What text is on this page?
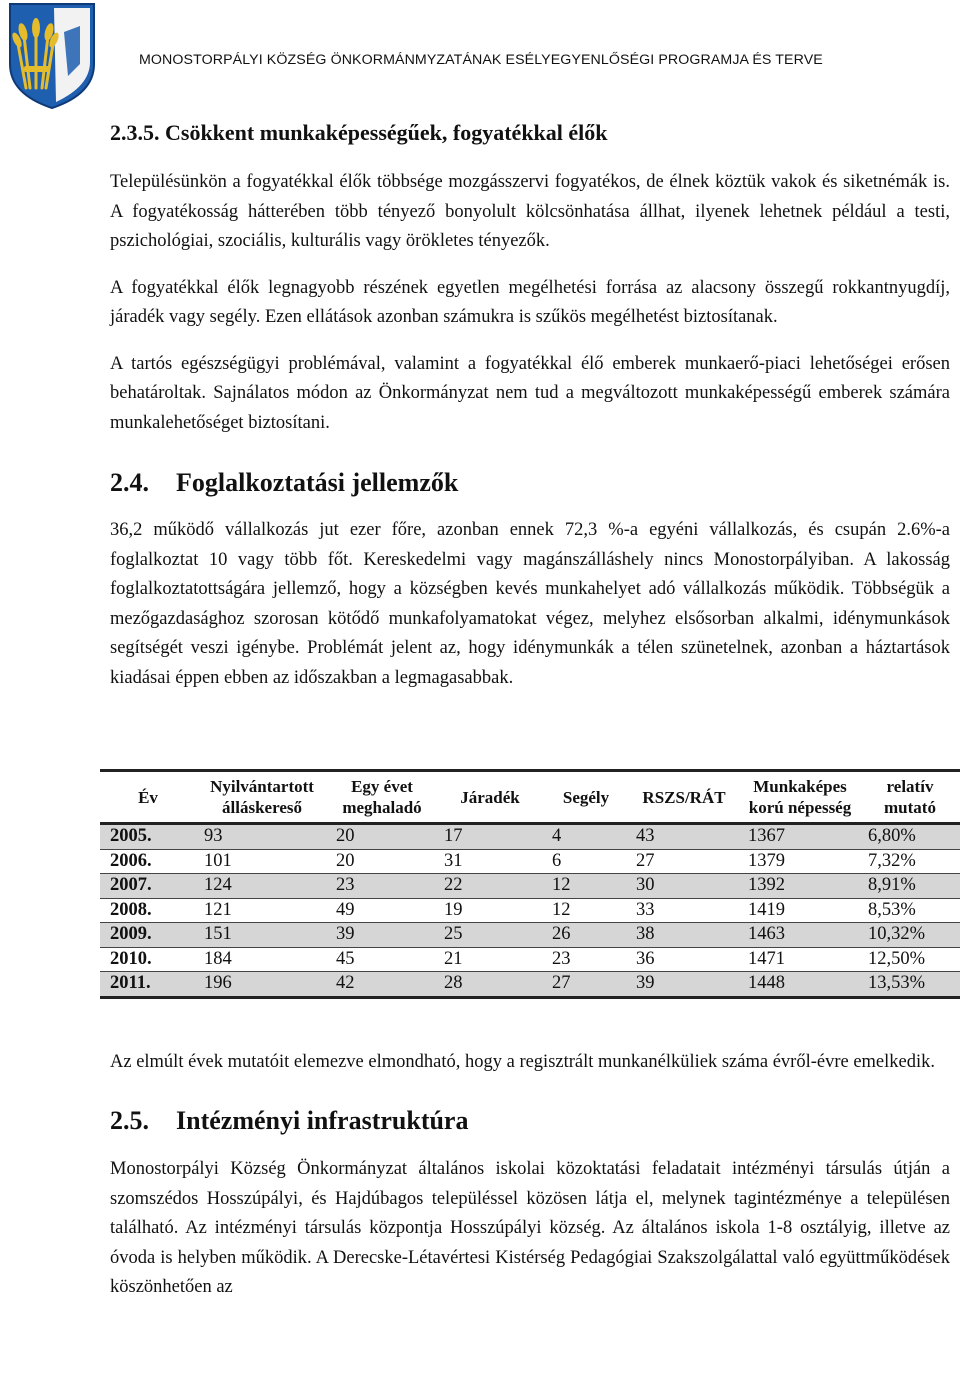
MONOSTORPÁLYI KÖZSÉG ÖNKORMÁNMYZATÁNAK ESÉLYEGYENLŐSÉGI PROGRAMJA ÉS TERVE
2.3.5. Csökkent munkaképességűek, fogyatékkal élők

Településünkön a fogyatékkal élők többsége mozgásszervi fogyatékos, de élnek köztük vakok és siketnémák is. A fogyatékosság hátterében több tényező bonyolult kölcsönhatása állhat, ilyenek lehetnek például a testi, pszichológiai, szociális, kulturális vagy örökletes tényezők.

A fogyatékkal élők legnagyobb részének egyetlen megélhetési forrása az alacsony összegű rokkantnyugdíj, járadék vagy segély. Ezen ellátások azonban számukra is szűkös megélhetést biztosítanak.

A tartós egészségügyi problémával, valamint a fogyatékkal élő emberek munkaerő-piaci lehetőségei erősen behatároltak. Sajnálatos módon az Önkormányzat nem tud a megváltozott munkaképességű emberek számára munkalehetőséget biztosítani.

2.4.	Foglalkoztatási jellemzők

36,2 működő vállalkozás jut ezer főre, azonban ennek 72,3 %-a egyéni vállalkozás, és csupán 2.6%-a foglalkoztat 10 vagy több főt. Kereskedelmi vagy magánszálláshely nincs Monostorpályiban. A lakosság foglalkoztatottságára jellemző, hogy a községben kevés munkahelyet adó vállalkozás működik. Többségük a mezőgazdasághoz szorosan kötődő munkafolyamatokat végez, melyhez elsősorban alkalmi, idénymunkások segítségét veszi igénybe. Problémát jelent az, hogy idénymunkák a télen szünetelnek, azonban a háztartások kiadásai éppen ebben az időszakban a legmagasabbak.

Év	Nyilvántartott álláskereső	Egy évet meghaladó	Járadék	Segély	RSZS/RÁT	Munkaképes korú népesség	relatív mutató
2005.	93	20	17	4	43	1367	6,80%
2006.	101	20	31	6	27	1379	7,32%
2007.	124	23	22	12	30	1392	8,91%
2008.	121	49	19	12	33	1419	8,53%
2009.	151	39	25	26	38	1463	10,32%
2010.	184	45	21	23	36	1471	12,50%
2011.	196	42	28	27	39	1448	13,53%

Az elmúlt évek mutatóit elemezve elmondható, hogy a regisztrált munkanélküliek száma évről-évre emelkedik.

2.5.	Intézményi infrastruktúra

Monostorpályi Község Önkormányzat általános iskolai közoktatási feladatait intézményi társulás útján a szomszédos Hosszúpályi, és Hajdúbagos településsel közösen látja el, melynek tagintézménye a településen található. Az intézményi társulás központja Hosszúpályi község. Az általános iskola 1-8 osztályig, illetve az óvoda is helyben működik. A Derecske-Létavértesi Kistérség Pedagógiai Szakszolgálattal való együttműködések köszönhetően az
